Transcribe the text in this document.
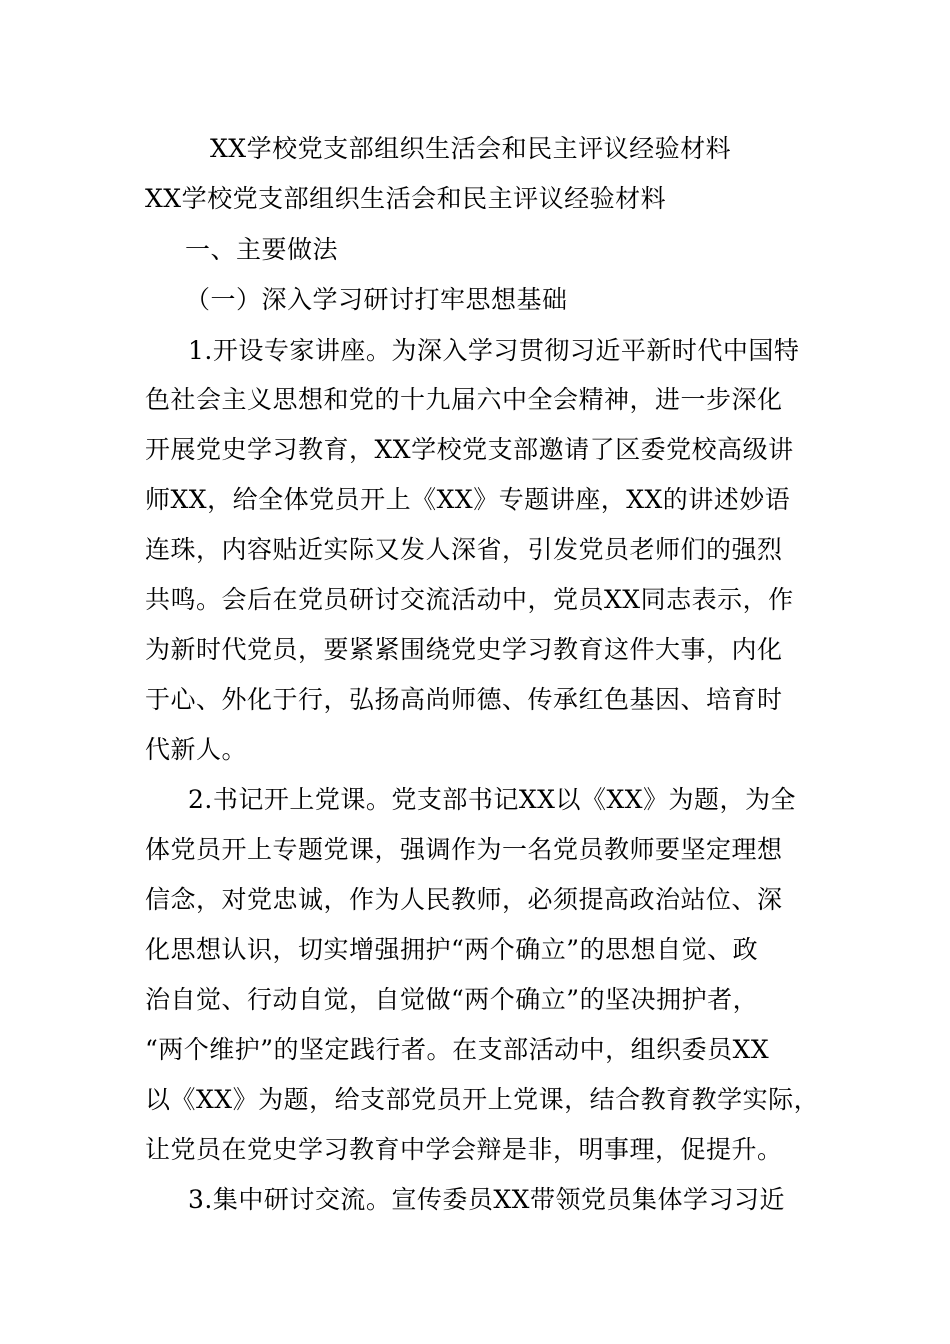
XX学校党支部组织生活会和民主评议经验材料
XX学校党支部组织生活会和民主评议经验材料
一、主要做法
（一）深入学习研讨打牢思想基础
1.开设专家讲座。为深入学习贯彻习近平新时代中国特
色社会主义思想和党的十九届六中全会精神，进一步深化
开展党史学习教育，XX学校党支部邀请了区委党校高级讲
师XX，给全体党员开上《XX》专题讲座，XX的讲述妙语
连珠，内容贴近实际又发人深省，引发党员老师们的强烈
共鸣。会后在党员研讨交流活动中，党员XX同志表示，作
为新时代党员，要紧紧围绕党史学习教育这件大事，内化
于心、外化于行，弘扬高尚师德、传承红色基因、培育时
代新人。
2.书记开上党课。党支部书记XX以《XX》为题，为全
体党员开上专题党课，强调作为一名党员教师要坚定理想
信念，对党忠诚，作为人民教师，必须提高政治站位、深
化思想认识，切实增强拥护“两个确立”的思想自觉、政
治自觉、行动自觉，自觉做“两个确立”的坚决拥护者，
“两个维护”的坚定践行者。在支部活动中，组织委员XX
以《XX》为题，给支部党员开上党课，结合教育教学实际，
让党员在党史学习教育中学会辩是非，明事理，促提升。
3.集中研讨交流。宣传委员XX带领党员集体学习习近
